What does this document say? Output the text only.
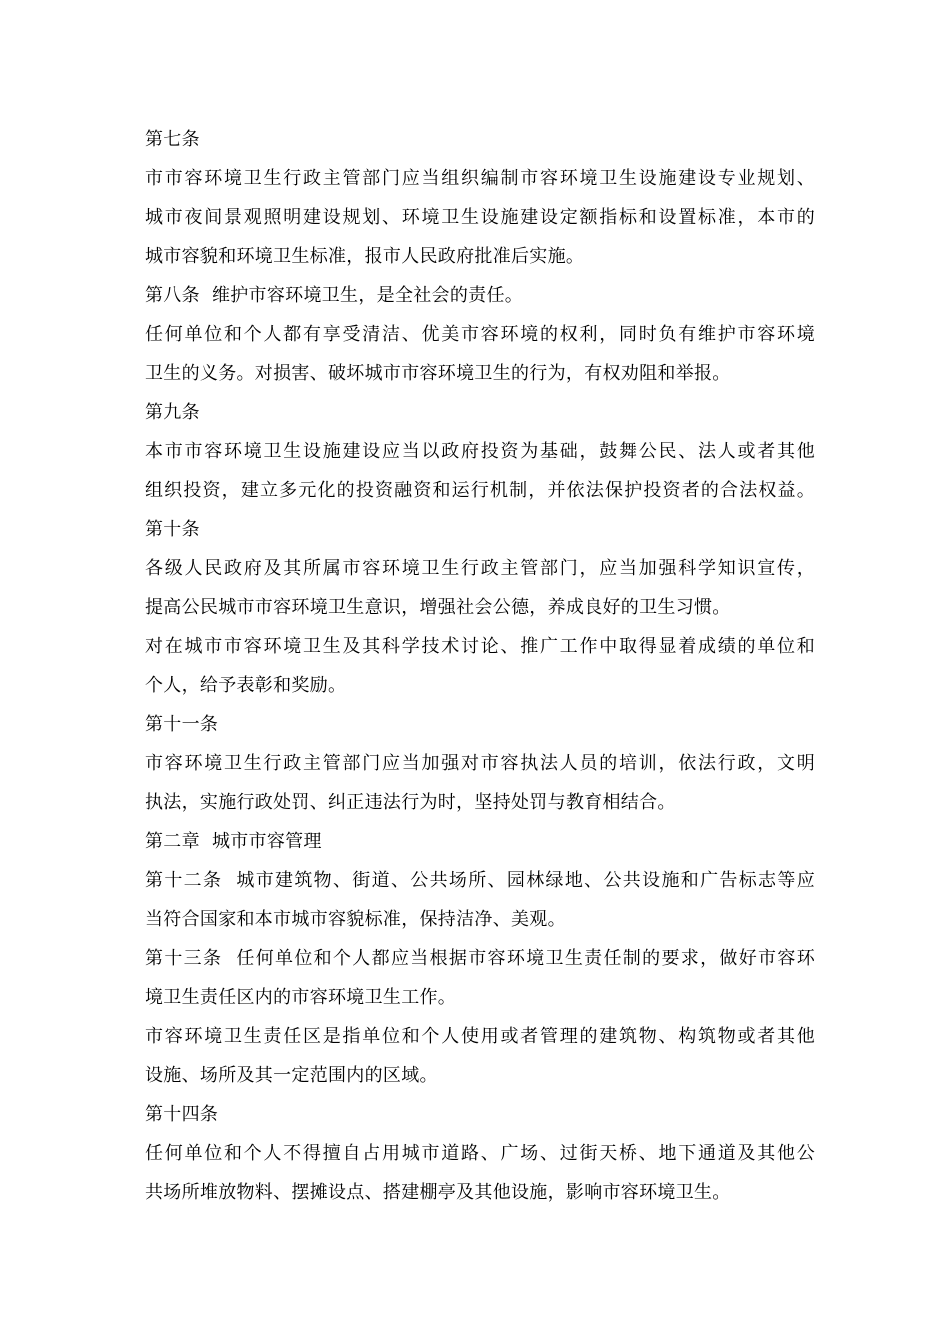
第七条
市市容环境卫生行政主管部门应当组织编制市容环境卫生设施建设专业规划、
城市夜间景观照明建设规划、环境卫生设施建设定额指标和设置标准，本市的
城市容貌和环境卫生标准，报市人民政府批准后实施。
第八条  维护市容环境卫生，是全社会的责任。
任何单位和个人都有享受清洁、优美市容环境的权利，同时负有维护市容环境
卫生的义务。对损害、破坏城市市容环境卫生的行为，有权劝阻和举报。
第九条
本市市容环境卫生设施建设应当以政府投资为基础，鼓舞公民、法人或者其他
组织投资，建立多元化的投资融资和运行机制，并依法保护投资者的合法权益。
第十条
各级人民政府及其所属市容环境卫生行政主管部门，应当加强科学知识宣传，
提高公民城市市容环境卫生意识，增强社会公德，养成良好的卫生习惯。
对在城市市容环境卫生及其科学技术讨论、推广工作中取得显着成绩的单位和
个人，给予表彰和奖励。
第十一条
市容环境卫生行政主管部门应当加强对市容执法人员的培训，依法行政，文明
执法，实施行政处罚、纠正违法行为时，坚持处罚与教育相结合。
第二章  城市市容管理
第十二条  城市建筑物、街道、公共场所、园林绿地、公共设施和广告标志等应
当符合国家和本市城市容貌标准，保持洁净、美观。
第十三条  任何单位和个人都应当根据市容环境卫生责任制的要求，做好市容环
境卫生责任区内的市容环境卫生工作。
市容环境卫生责任区是指单位和个人使用或者管理的建筑物、构筑物或者其他
设施、场所及其一定范围内的区域。
第十四条
任何单位和个人不得擅自占用城市道路、广场、过街天桥、地下通道及其他公
共场所堆放物料、摆摊设点、搭建棚亭及其他设施，影响市容环境卫生。
